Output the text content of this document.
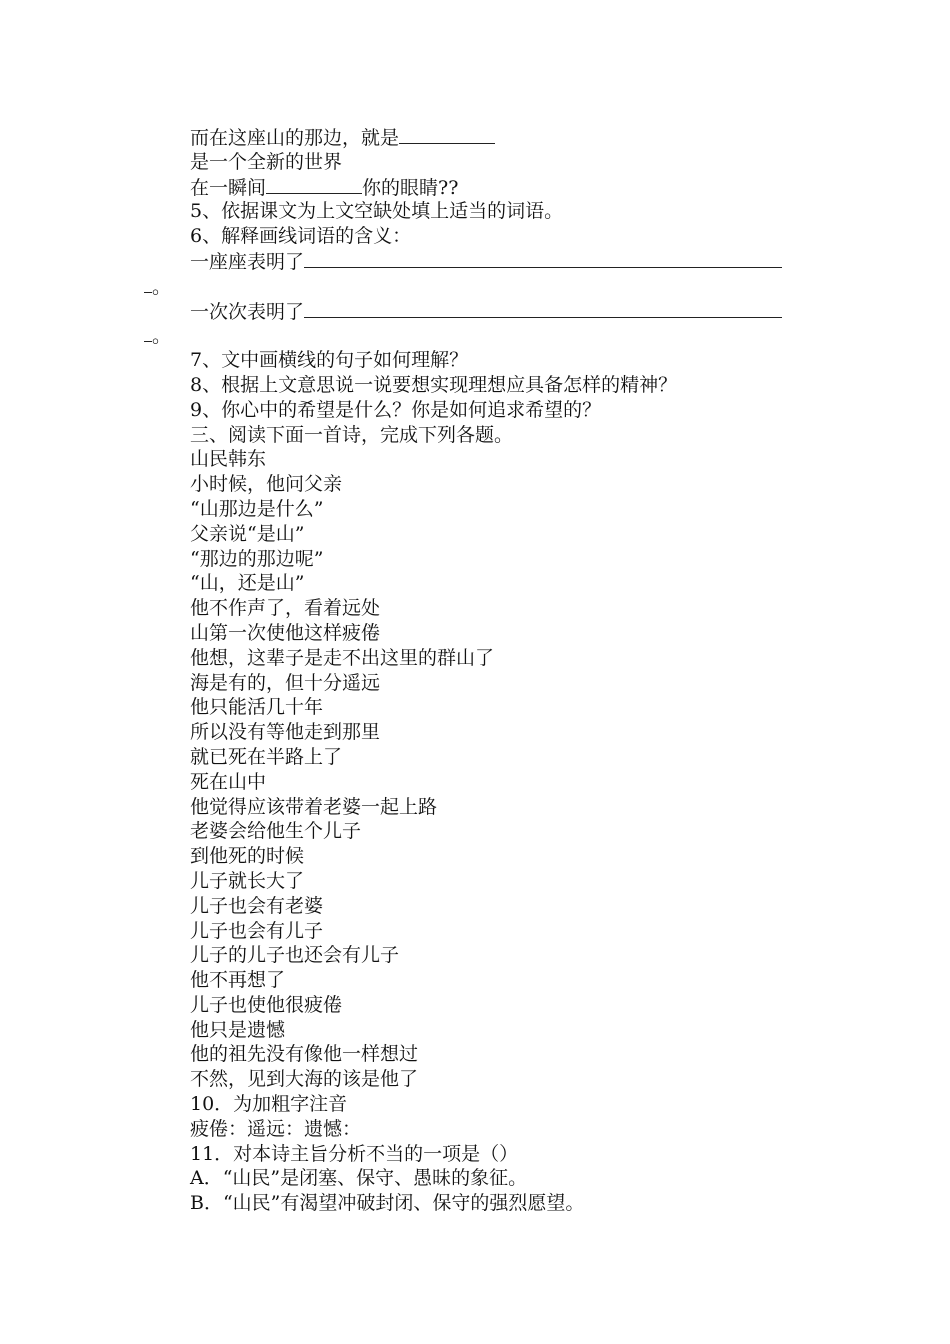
而在这座山的那边，就是
是一个全新的世界
在一瞬间	你的眼睛??
5、依据课文为上文空缺处填上适当的词语。
6、解释画线词语的含义：
一座座表明了
。
一次次表明了
。
7、文中画横线的句子如何理解？
8、根据上文意思说一说要想实现理想应具备怎样的精神？
9、你心中的希望是什么？你是如何追求希望的？
三、阅读下面一首诗，完成下列各题。
山民韩东
小时候，他问父亲
“山那边是什么”
父亲说“是山”
“那边的那边呢”
“山，还是山”
他不作声了，看着远处
山第一次使他这样疲倦
他想，这辈子是走不出这里的群山了
海是有的，但十分遥远
他只能活几十年
所以没有等他走到那里
就已死在半路上了
死在山中
他觉得应该带着老婆一起上路
老婆会给他生个儿子
到他死的时候
儿子就长大了
儿子也会有老婆
儿子也会有儿子
儿子的儿子也还会有儿子
他不再想了
儿子也使他很疲倦
他只是遗憾
他的祖先没有像他一样想过
不然，见到大海的该是他了
10．为加粗字注音
疲倦：遥远：遗憾：
11．对本诗主旨分析不当的一项是（）
A．“山民”是闭塞、保守、愚昧的象征。
B．“山民”有渴望冲破封闭、保守的强烈愿望。
